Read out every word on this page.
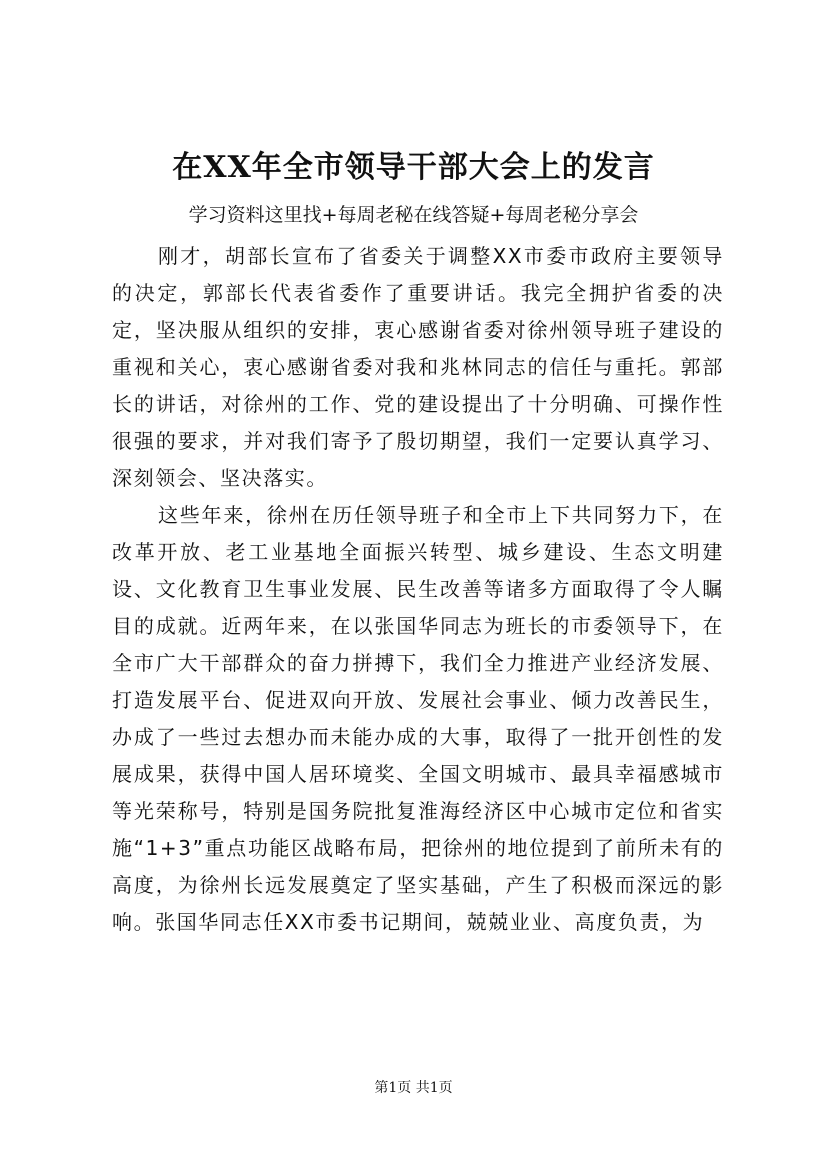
在XX年全市领导干部大会上的发言
学习资料这里找+每周老秘在线答疑+每周老秘分享会

刚才，胡部长宣布了省委关于调整XX市委市政府主要领导的决定，郭部长代表省委作了重要讲话。我完全拥护省委的决定，坚决服从组织的安排，衷心感谢省委对徐州领导班子建设的重视和关心，衷心感谢省委对我和兆林同志的信任与重托。郭部长的讲话，对徐州的工作、党的建设提出了十分明确、可操作性很强的要求，并对我们寄予了殷切期望，我们一定要认真学习、深刻领会、坚决落实。

这些年来，徐州在历任领导班子和全市上下共同努力下，在改革开放、老工业基地全面振兴转型、城乡建设、生态文明建设、文化教育卫生事业发展、民生改善等诸多方面取得了令人瞩目的成就。近两年来，在以张国华同志为班长的市委领导下，在全市广大干部群众的奋力拼搏下，我们全力推进产业经济发展、打造发展平台、促进双向开放、发展社会事业、倾力改善民生，办成了一些过去想办而未能办成的大事，取得了一批开创性的发展成果，获得中国人居环境奖、全国文明城市、最具幸福感城市等光荣称号，特别是国务院批复淮海经济区中心城市定位和省实施“1+3”重点功能区战略布局，把徐州的地位提到了前所未有的高度，为徐州长远发展奠定了坚实基础，产生了积极而深远的影响。张国华同志任XX市委书记期间，兢兢业业、高度负责，为

第1页 共1页
